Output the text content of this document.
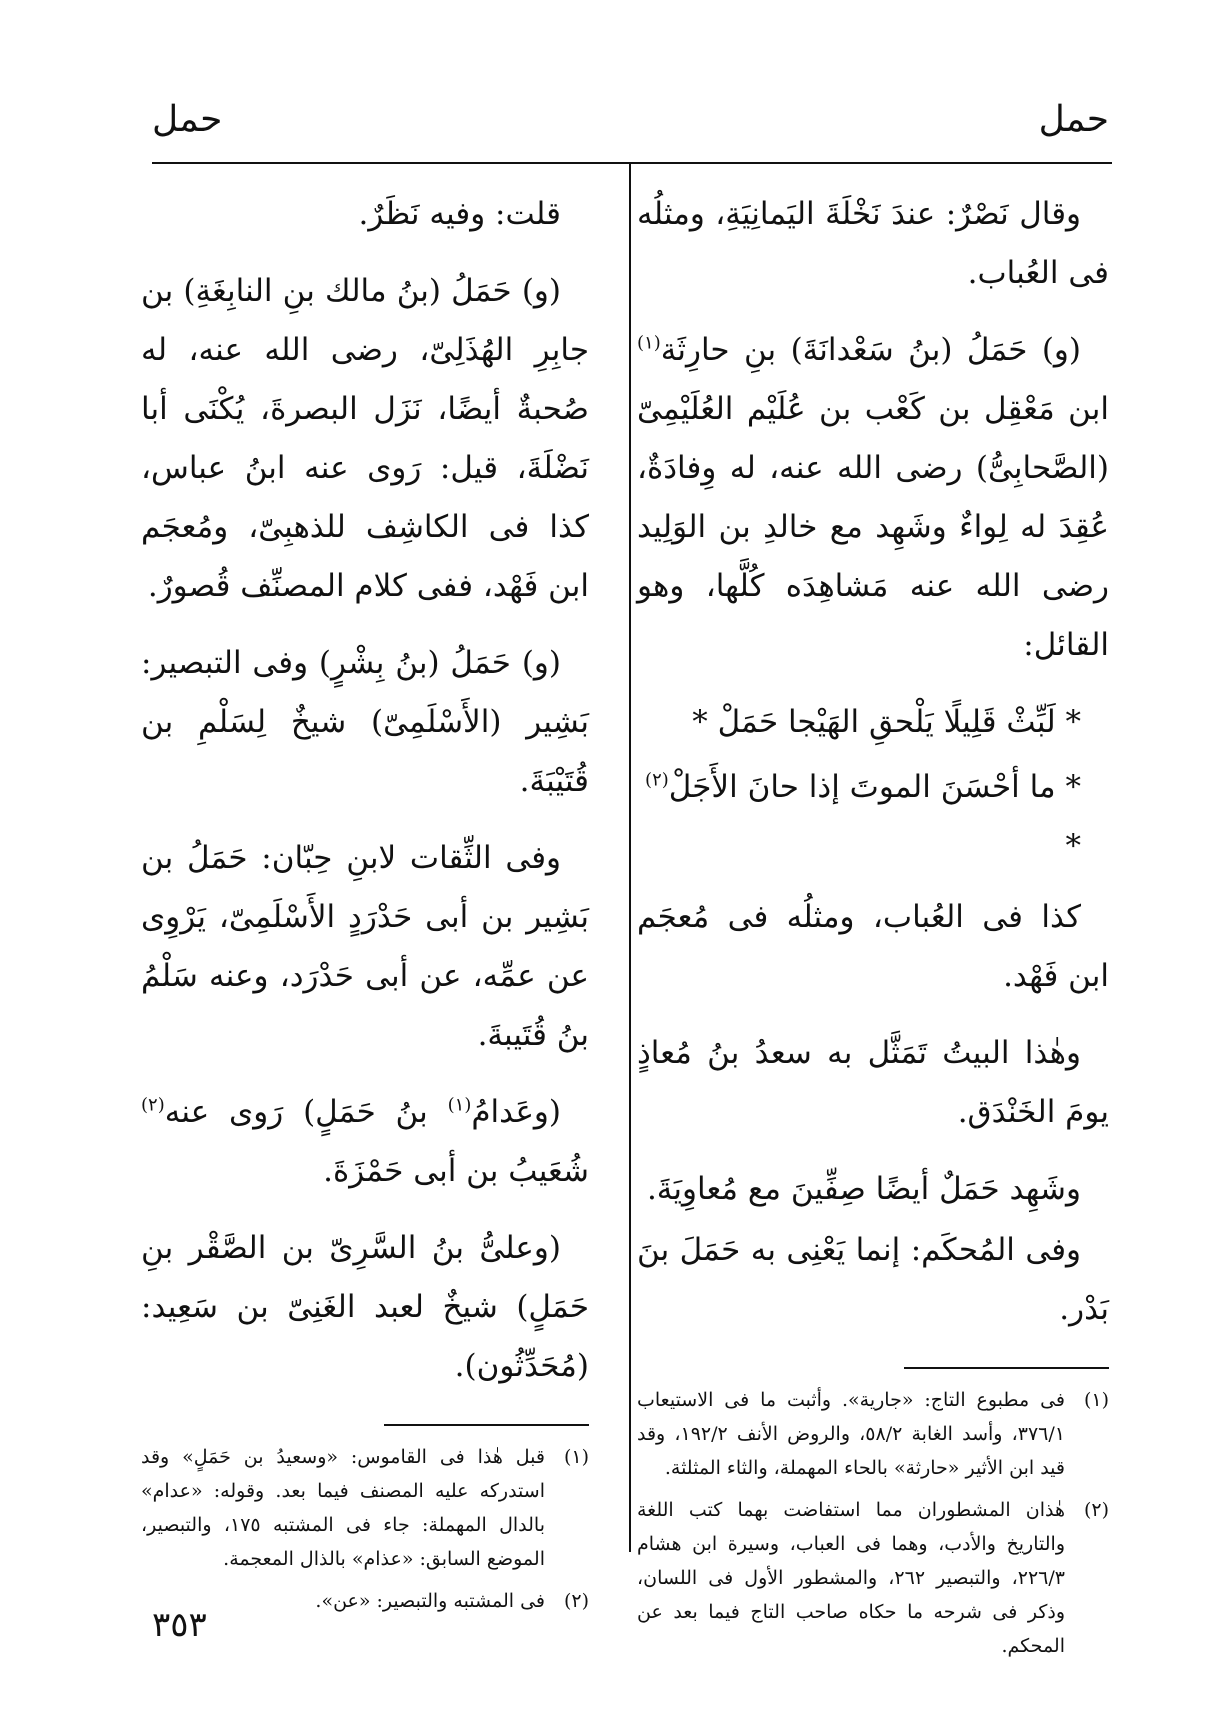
حمل
حمل

وقال نَصْرٌ: عندَ نَخْلَةَ اليَمانِيَةِ، ومثلُه فى العُباب.

(و) حَمَلُ (بنُ سَعْدانَةَ) بنِ حارِثَة$^{(١)}$ ابن مَعْقِل بن كَعْب بن عُلَيْم العُلَيْمِىّ (الصَّحابِىُّ) رضى الله عنه، له وِفادَةٌ، عُقِدَ له لِواءٌ وشَهِد مع خالدِ بن الوَلِيد رضى الله عنه مَشاهِدَه كُلَّها، وهو القائل:

* لَبِّثْ قَلِيلًا يَلْحقِ الهَيْجا حَمَلْ *

* ما أحْسَنَ الموتَ إذا حانَ الأَجَلْ$^{(٢)}$ *

كذا فى العُباب، ومثلُه فى مُعجَم ابن فَهْد.

وهٰذا البيتُ تَمَثَّل به سعدُ بنُ مُعاذٍ يومَ الخَنْدَق.

وشَهِد حَمَلٌ أيضًا صِفِّينَ مع مُعاوِيَةَ.

وفى المُحكَم: إنما يَعْنِى به حَمَلَ بنَ بَدْر.

(١)
فى مطبوع التاج: «جارية». وأثبت ما فى الاستيعاب ٣٧٦/١، وأسد الغابة ٥٨/٢، والروض الأنف ١٩٢/٢، وقد قيد ابن الأثير «حارثة» بالحاء المهملة، والثاء المثلثة.
(٢)
هٰذان المشطوران مما استفاضت بهما كتب اللغة والتاريخ والأدب، وهما فى العباب، وسيرة ابن هشام ٢٢٦/٣، والتبصير ٢٦٢، والمشطور الأول فى اللسان، وذكر فى شرحه ما حكاه صاحب التاج فيما بعد عن المحكم.

قلت: وفيه نَظَرٌ.

(و) حَمَلُ (بنُ مالك بنِ النابِغَةِ) بن جابِرِ الهُذَلِىّ، رضى الله عنه، له صُحبةٌ أيضًا، نَزَل البصرةَ، يُكْنَى أبا نَضْلَةَ، قيل: رَوى عنه ابنُ عباس، كذا فى الكاشِف للذهبِىّ، ومُعجَم ابن فَهْد، ففى كلام المصنِّف قُصورٌ.

(و) حَمَلُ (بنُ بِشْرٍ) وفى التبصير: بَشِير (الأَسْلَمِىّ) شيخٌ لِسَلْمِ بن قُتَيْبَةَ.

وفى الثِّقات لابنِ حِبّان: حَمَلُ بن بَشِير بن أبى حَدْرَدٍ الأَسْلَمِىّ، يَرْوِى عن عمِّه، عن أبى حَدْرَد، وعنه سَلْمُ بنُ قُتَيبةَ.

(وعَدامُ$^{(١)}$ بنُ حَمَلٍ) رَوى عنه$^{(٢)}$ شُعَيبُ بن أبى حَمْزَةَ.

(وعلىُّ بنُ السَّرِىّ بن الصَّقْر بنِ حَمَلٍ) شيخٌ لعبد الغَنِىّ بن سَعِيد: (مُحَدِّثُون).

(١)
قبل هٰذا فى القاموس: «وسعيدُ بن حَمَلٍ» وقد استدركه عليه المصنف فيما بعد. وقوله: «عدام» بالدال المهملة: جاء فى المشتبه ١٧٥، والتبصير، الموضع السابق: «عذام» بالذال المعجمة.
(٢)
فى المشتبه والتبصير: «عن».
٣٥٣
